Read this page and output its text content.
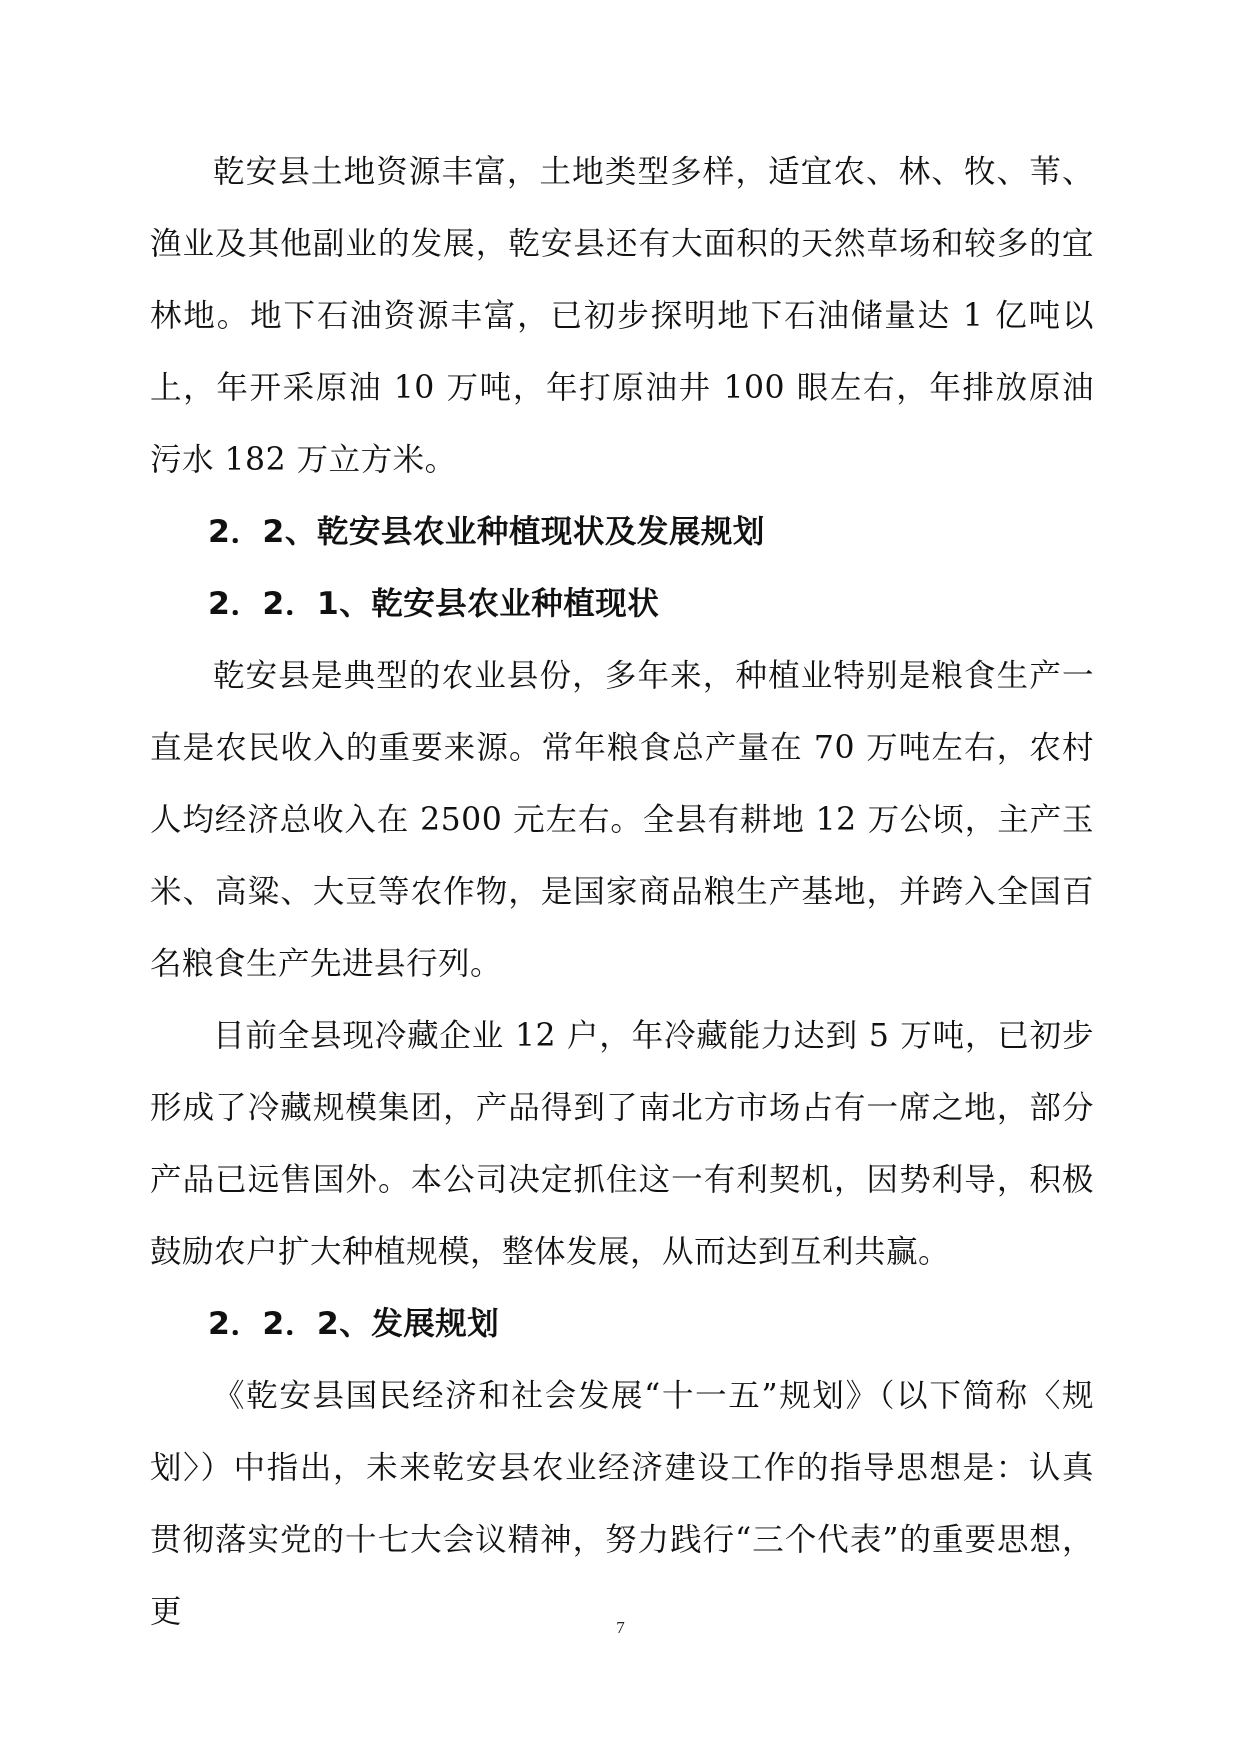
乾安县土地资源丰富，土地类型多样，适宜农、林、牧、苇、渔业及其他副业的发展，乾安县还有大面积的天然草场和较多的宜林地。地下石油资源丰富，已初步探明地下石油储量达 1 亿吨以上，年开采原油 10 万吨，年打原油井 100 眼左右，年排放原油污水 182 万立方米。

2．2、乾安县农业种植现状及发展规划
2．2．1、乾安县农业种植现状

乾安县是典型的农业县份，多年来，种植业特别是粮食生产一直是农民收入的重要来源。常年粮食总产量在 70 万吨左右，农村人均经济总收入在 2500 元左右。全县有耕地 12 万公顷，主产玉米、高粱、大豆等农作物，是国家商品粮生产基地，并跨入全国百名粮食生产先进县行列。

目前全县现冷藏企业 12 户，年冷藏能力达到 5 万吨，已初步形成了冷藏规模集团，产品得到了南北方市场占有一席之地，部分产品已远售国外。本公司决定抓住这一有利契机，因势利导，积极鼓励农户扩大种植规模，整体发展，从而达到互利共赢。

2．2．2、发展规划

《乾安县国民经济和社会发展“十一五”规划》（以下简称〈规划〉）中指出，未来乾安县农业经济建设工作的指导思想是：认真贯彻落实党的十七大会议精神，努力践行“三个代表”的重要思想，更	7
